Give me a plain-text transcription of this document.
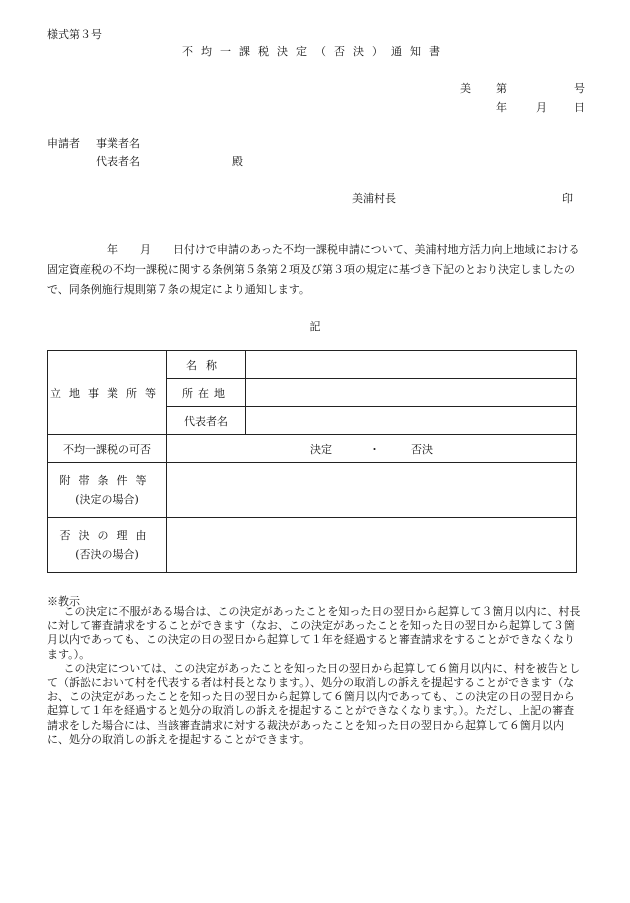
様式第３号
不均一課税決定（否決）通知書
美 第	号
年	月 日
申請者 事業者名
代表者名	殿
美浦村長	印
年　　月　　日付けで申請のあった不均一課税申請について、美浦村地方活力向上地域における固定資産税の不均一課税に関する条例第５条第２項及び第３項の規定に基づき下記のとおり決定しましたので、同条例施行規則第７条の規定により通知します。
記
立地事業所等	名称	
	所在地	
	代表者名	
不均一課税の可否	決定 ・ 否決	

附帯条件等
(決定の場合)		

否決の理由
(否決の場合)		

※教示

この決定に不服がある場合は、この決定があったことを知った日の翌日から起算して３箇月以内に、村長に対して審査請求をすることができます（なお、この決定があったことを知った日の翌日から起算して３箇月以内であっても、この決定の日の翌日から起算して１年を経過すると審査請求をすることができなくなります。）。

この決定については、この決定があったことを知った日の翌日から起算して６箇月以内に、村を被告として（訴訟において村を代表する者は村長となります。）、処分の取消しの訴えを提起することができます（なお、この決定があったことを知った日の翌日から起算して６箇月以内であっても、この決定の日の翌日から起算して１年を経過すると処分の取消しの訴えを提起することができなくなります。）。ただし、上記の審査請求をした場合には、当該審査請求に対する裁決があったことを知った日の翌日から起算して６箇月以内に、処分の取消しの訴えを提起することができます。
